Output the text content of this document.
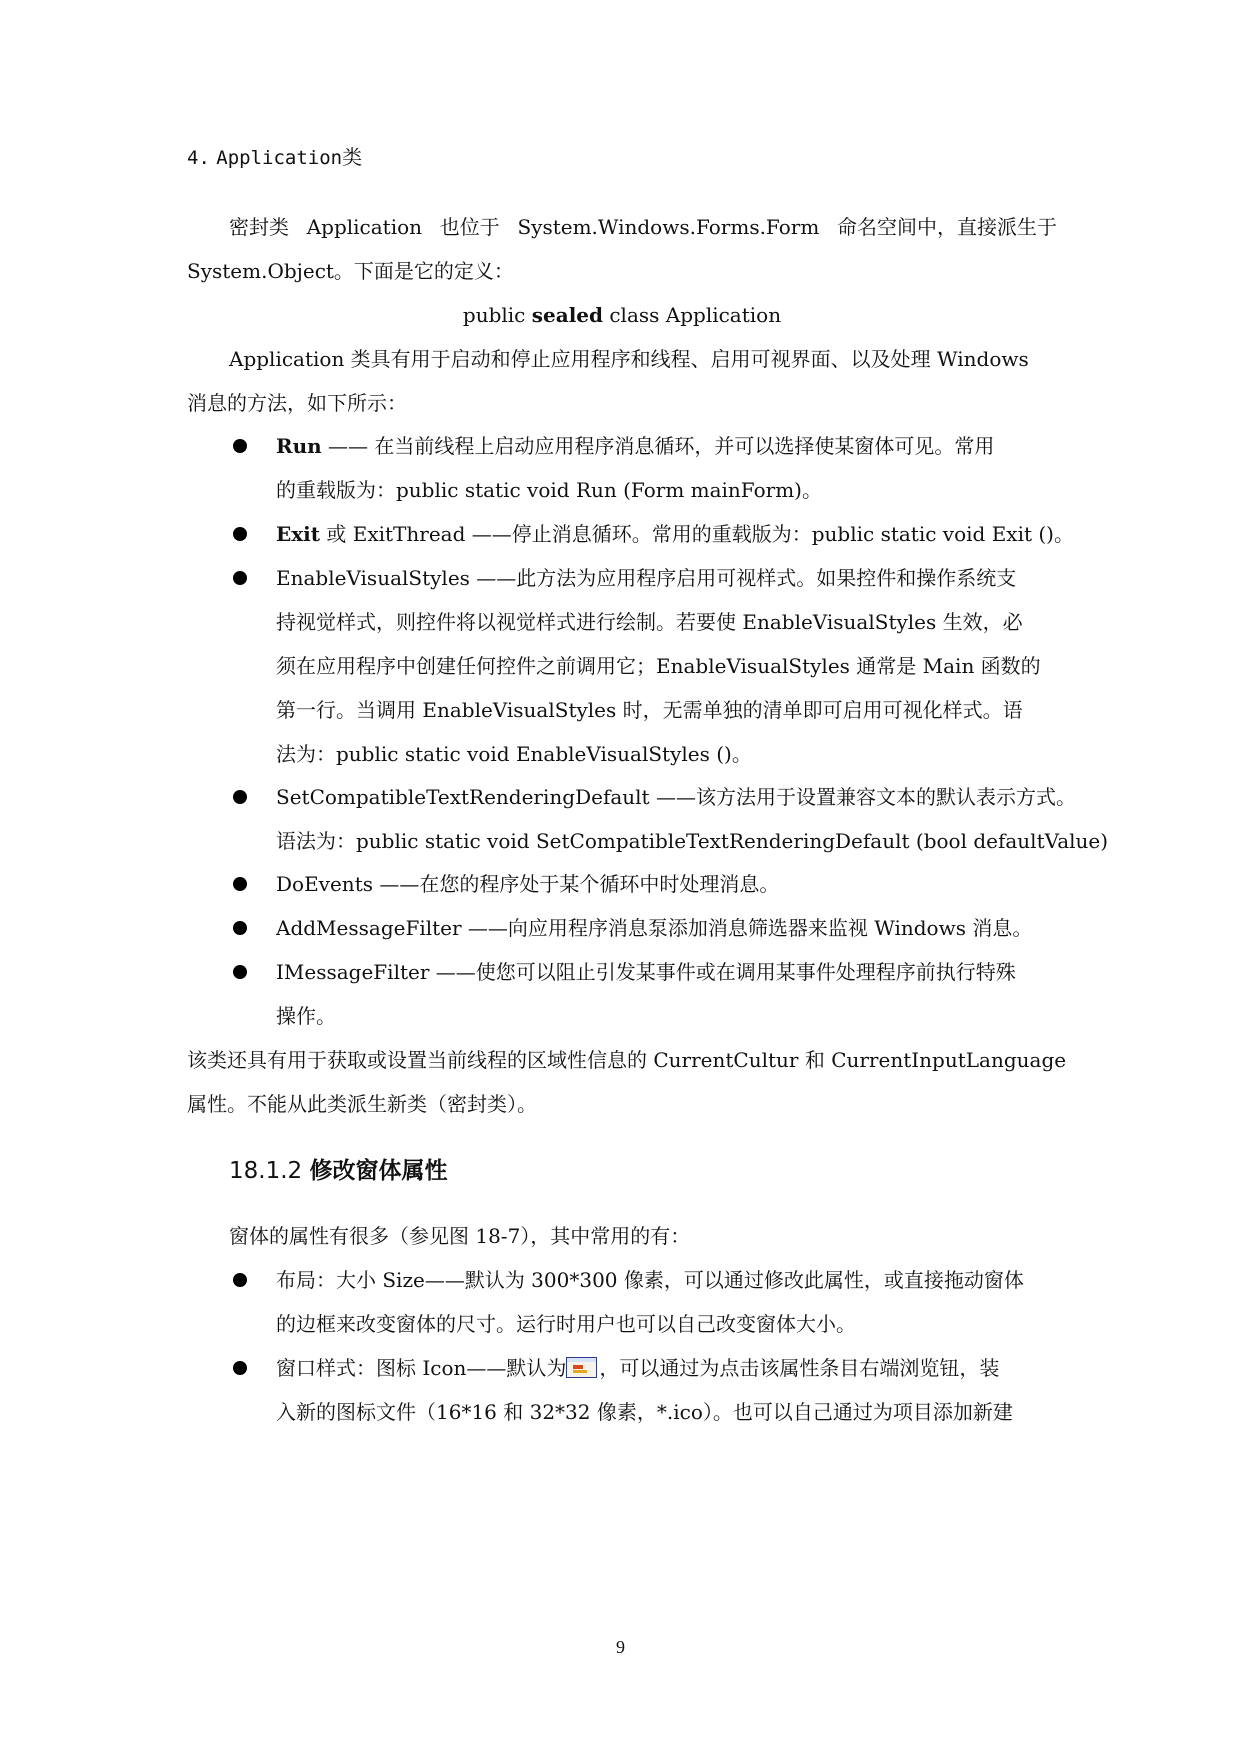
4. Application类
密封类 Application 也位于 System.Windows.Forms.Form 命名空间中，直接派生于
System.Object。下面是它的定义：
public sealed class Application
Application 类具有用于启动和停止应用程序和线程、启用可视界面、以及处理 Windows
消息的方法，如下所示：
Run —— 在当前线程上启动应用程序消息循环，并可以选择使某窗体可见。常用
的重载版为：public static void Run (Form mainForm)。
Exit 或 ExitThread ——停止消息循环。常用的重载版为：public static void Exit ()。
EnableVisualStyles ——此方法为应用程序启用可视样式。如果控件和操作系统支
持视觉样式，则控件将以视觉样式进行绘制。若要使 EnableVisualStyles 生效，必
须在应用程序中创建任何控件之前调用它；EnableVisualStyles 通常是 Main 函数的
第一行。当调用 EnableVisualStyles 时，无需单独的清单即可启用可视化样式。语
法为：public static void EnableVisualStyles ()。
SetCompatibleTextRenderingDefault ——该方法用于设置兼容文本的默认表示方式。
语法为：public static void SetCompatibleTextRenderingDefault (bool defaultValue)
DoEvents ——在您的程序处于某个循环中时处理消息。
AddMessageFilter ——向应用程序消息泵添加消息筛选器来监视 Windows 消息。
IMessageFilter ——使您可以阻止引发某事件或在调用某事件处理程序前执行特殊
操作。
该类还具有用于获取或设置当前线程的区域性信息的 CurrentCultur 和 CurrentInputLanguage
属性。不能从此类派生新类（密封类）。
18.1.2 修改窗体属性
窗体的属性有很多（参见图 18-7），其中常用的有：
布局：大小 Size——默认为 300*300 像素，可以通过修改此属性，或直接拖动窗体
的边框来改变窗体的尺寸。运行时用户也可以自己改变窗体大小。
窗口样式：图标 Icon——默认为 ，可以通过为点击该属性条目右端浏览钮，装
入新的图标文件（16*16 和 32*32 像素，*.ico）。也可以自己通过为项目添加新建
9
